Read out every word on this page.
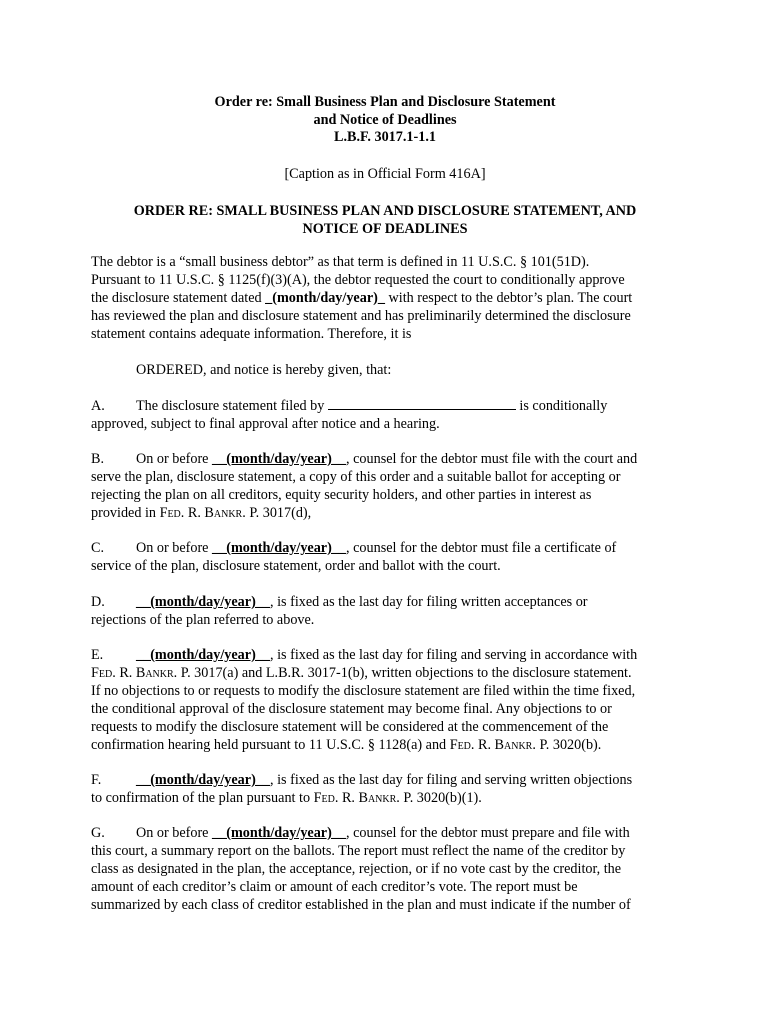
Order re: Small Business Plan and Disclosure Statement
and Notice of Deadlines
L.B.F. 3017.1-1.1
[Caption as in Official Form 416A]
ORDER RE: SMALL BUSINESS PLAN AND DISCLOSURE STATEMENT, AND
NOTICE OF DEADLINES
The debtor is a “small business debtor” as that term is defined in 11 U.S.C. § 101(51D).
Pursuant to 11 U.S.C. § 1125(f)(3)(A), the debtor requested the court to conditionally approve
the disclosure statement dated _(month/day/year)_ with respect to the debtor’s plan. The court
has reviewed the plan and disclosure statement and has preliminarily determined the disclosure
statement contains adequate information. Therefore, it is
ORDERED, and notice is hereby given, that:
A. The disclosure statement filed by	is conditionally
approved, subject to final approval after notice and a hearing.
B. On or before __(month/day/year)__, counsel for the debtor must file with the court and
serve the plan, disclosure statement, a copy of this order and a suitable ballot for accepting or
rejecting the plan on all creditors, equity security holders, and other parties in interest as
provided in Fed. R. Bankr. P. 3017(d),
C. On or before __(month/day/year)__, counsel for the debtor must file a certificate of
service of the plan, disclosure statement, order and ballot with the court.
D. __(month/day/year)__, is fixed as the last day for filing written acceptances or
rejections of the plan referred to above.
E. __(month/day/year)__, is fixed as the last day for filing and serving in accordance with
Fed. R. Bankr. P. 3017(a) and L.B.R. 3017-1(b), written objections to the disclosure statement.
If no objections to or requests to modify the disclosure statement are filed within the time fixed,
the conditional approval of the disclosure statement may become final. Any objections to or
requests to modify the disclosure statement will be considered at the commencement of the
confirmation hearing held pursuant to 11 U.S.C. § 1128(a) and Fed. R. Bankr. P. 3020(b).
F. __(month/day/year)__, is fixed as the last day for filing and serving written objections
to confirmation of the plan pursuant to Fed. R. Bankr. P. 3020(b)(1).
G. On or before __(month/day/year)__, counsel for the debtor must prepare and file with
this court, a summary report on the ballots. The report must reflect the name of the creditor by
class as designated in the plan, the acceptance, rejection, or if no vote cast by the creditor, the
amount of each creditor’s claim or amount of each creditor’s vote. The report must be
summarized by each class of creditor established in the plan and must indicate if the number of
